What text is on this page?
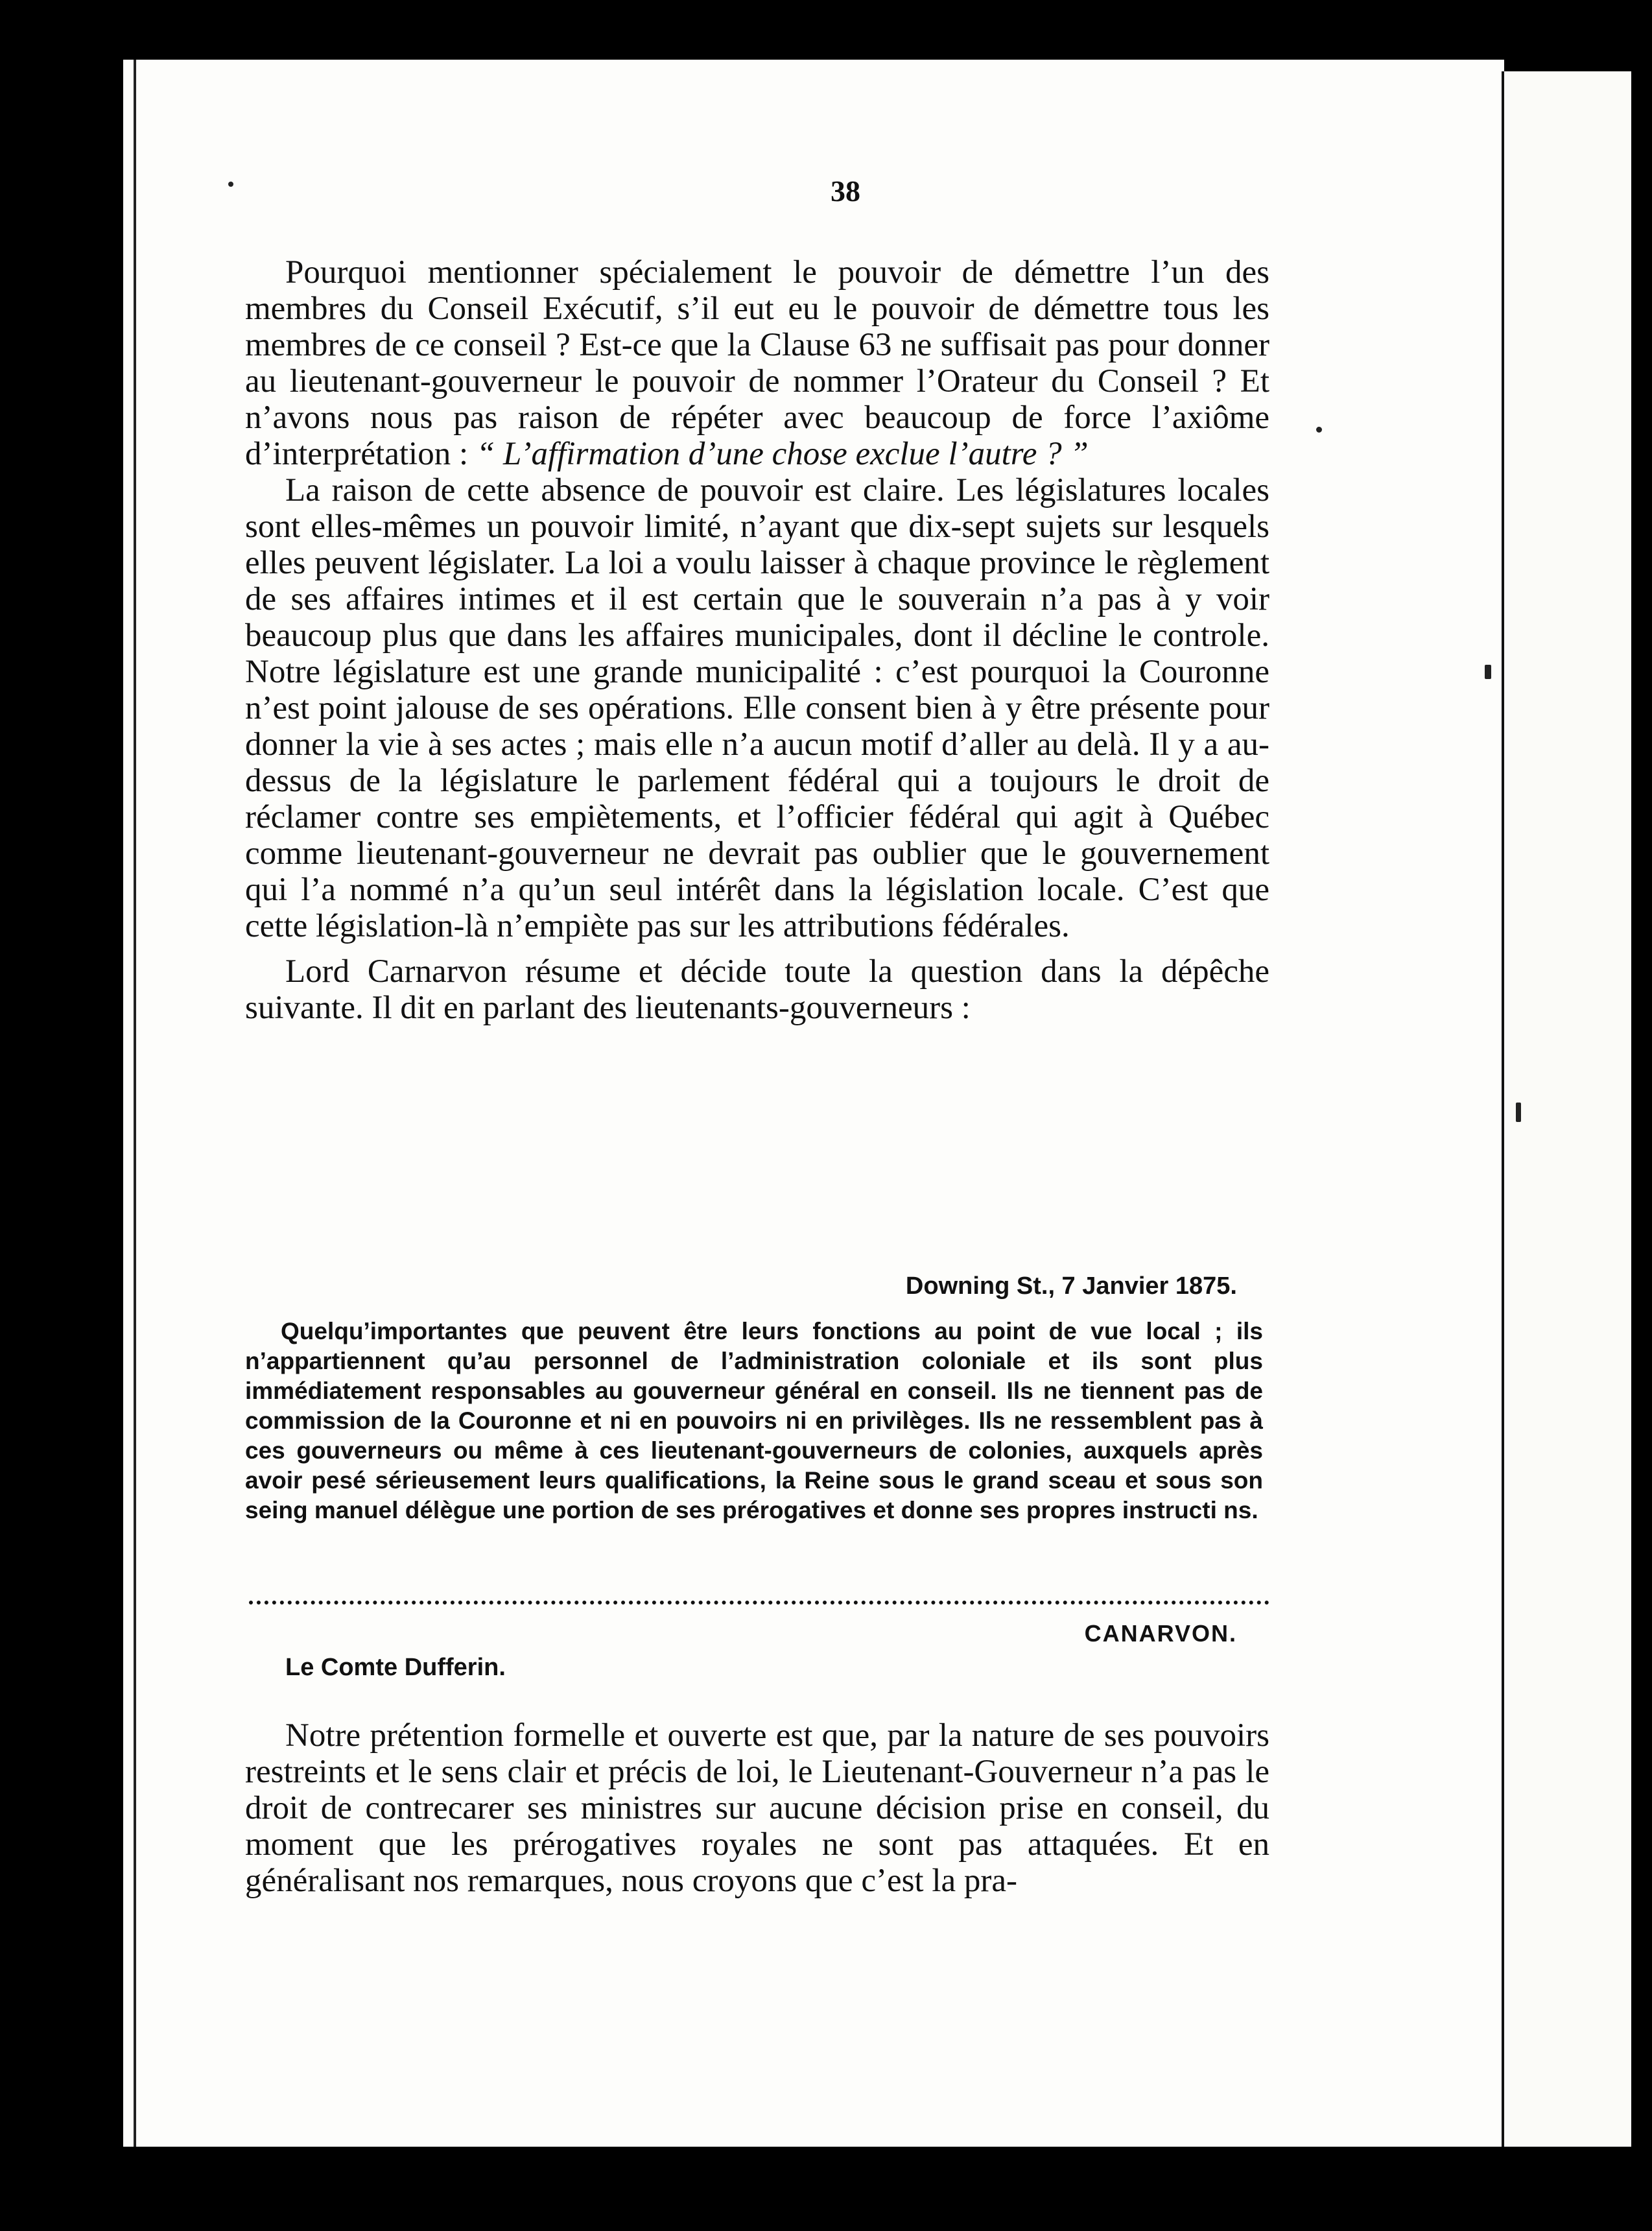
38

Pourquoi mentionner spécialement le pouvoir de démettre l’un des membres du Conseil Exécutif, s’il eut eu le pouvoir de démettre tous les membres de ce conseil ? Est-ce que la Clause 63 ne suffisait pas pour donner au lieutenant-gouverneur le pouvoir de nommer l’Orateur du Conseil ? Et n’avons nous pas raison de répéter avec beaucoup de force l’axiôme d’interprétation : “ L’affirmation d’une chose exclue l’autre ? ”

La raison de cette absence de pouvoir est claire. Les législatures locales sont elles-mêmes un pouvoir limité, n’ayant que dix-sept sujets sur lesquels elles peuvent législater. La loi a voulu laisser à chaque province le règlement de ses affaires intimes et il est certain que le souverain n’a pas à y voir beaucoup plus que dans les affaires municipales, dont il décline le controle. Notre législature est une grande municipalité : c’est pourquoi la Couronne n’est point jalouse de ses opérations. Elle consent bien à y être présente pour donner la vie à ses actes ; mais elle n’a aucun motif d’aller au delà. Il y a au-dessus de la législature le parlement fédéral qui a toujours le droit de réclamer contre ses empiètements, et l’officier fédéral qui agit à Québec comme lieutenant-gouverneur ne devrait pas oublier que le gouvernement qui l’a nommé n’a qu’un seul intérêt dans la législation locale. C’est que cette législation-là n’empiète pas sur les attributions fédérales.

Lord Carnarvon résume et décide toute la question dans la dépêche suivante. Il dit en parlant des lieutenants-gouverneurs :

Downing St., 7 Janvier 1875.
Quelqu’importantes que peuvent être leurs fonctions au point de vue local ; ils n’appartiennent qu’au personnel de l’administration coloniale et ils sont plus immédiatement responsables au gouverneur général en conseil. Ils ne tiennent pas de commission de la Couronne et ni en pouvoirs ni en privilèges. Ils ne ressemblent pas à ces gouverneurs ou même à ces lieutenant-gouverneurs de colonies, auxquels après avoir pesé sérieusement leurs qualifications, la Reine sous le grand sceau et sous son seing manuel délègue une portion de ses prérogatives et donne ses propres instructi ns.
CANARVON.
Le Comte Dufferin.

Notre prétention formelle et ouverte est que, par la nature de ses pouvoirs restreints et le sens clair et précis de loi, le Lieutenant-Gouverneur n’a pas le droit de contrecarer ses ministres sur aucune décision prise en conseil, du moment que les prérogatives royales ne sont pas attaquées. Et en généralisant nos remarques, nous croyons que c’est la pra-
